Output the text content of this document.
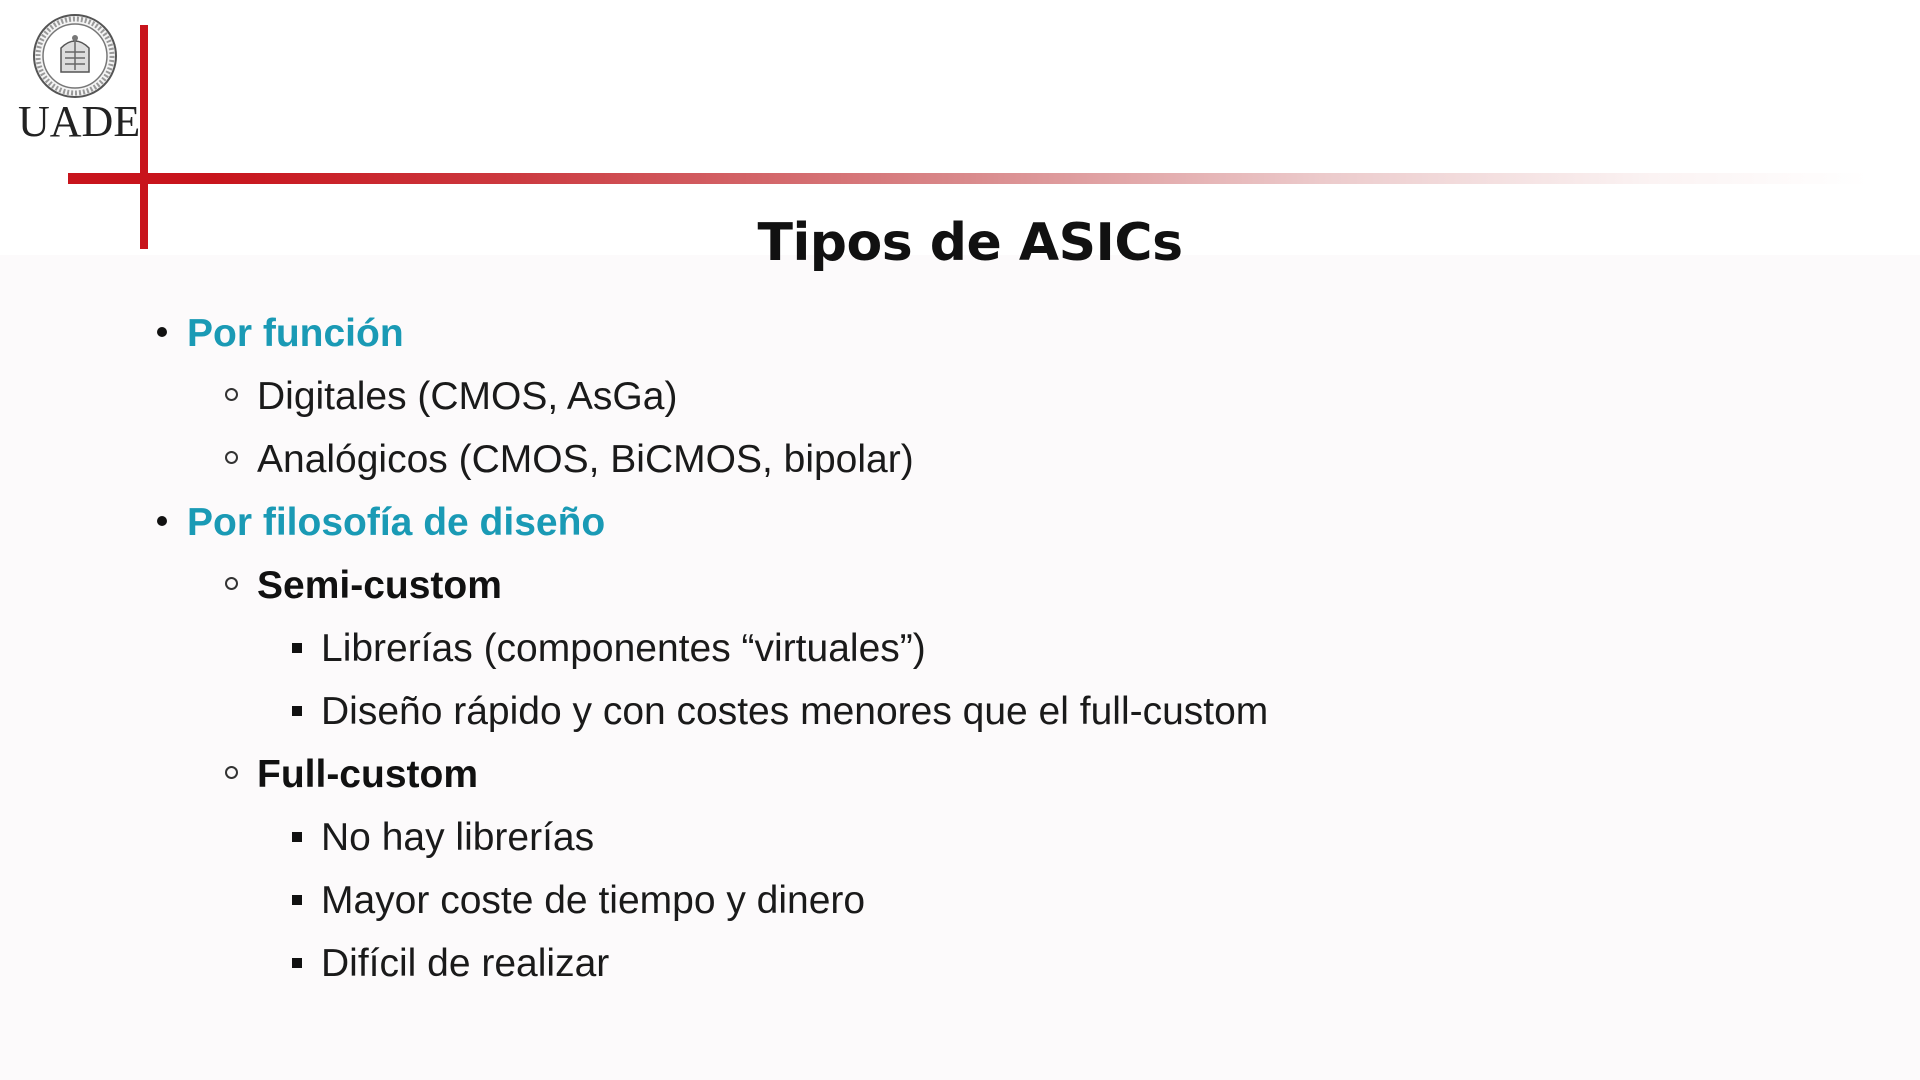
UADE
Tipos de ASICs
Por función
Digitales (CMOS, AsGa)
Analógicos (CMOS, BiCMOS, bipolar)
Por filosofía de diseño
Semi-custom
Librerías (componentes “virtuales”)
Diseño rápido y con costes menores que el full-custom
Full-custom
No hay librerías
Mayor coste de tiempo y dinero
Difícil de realizar
